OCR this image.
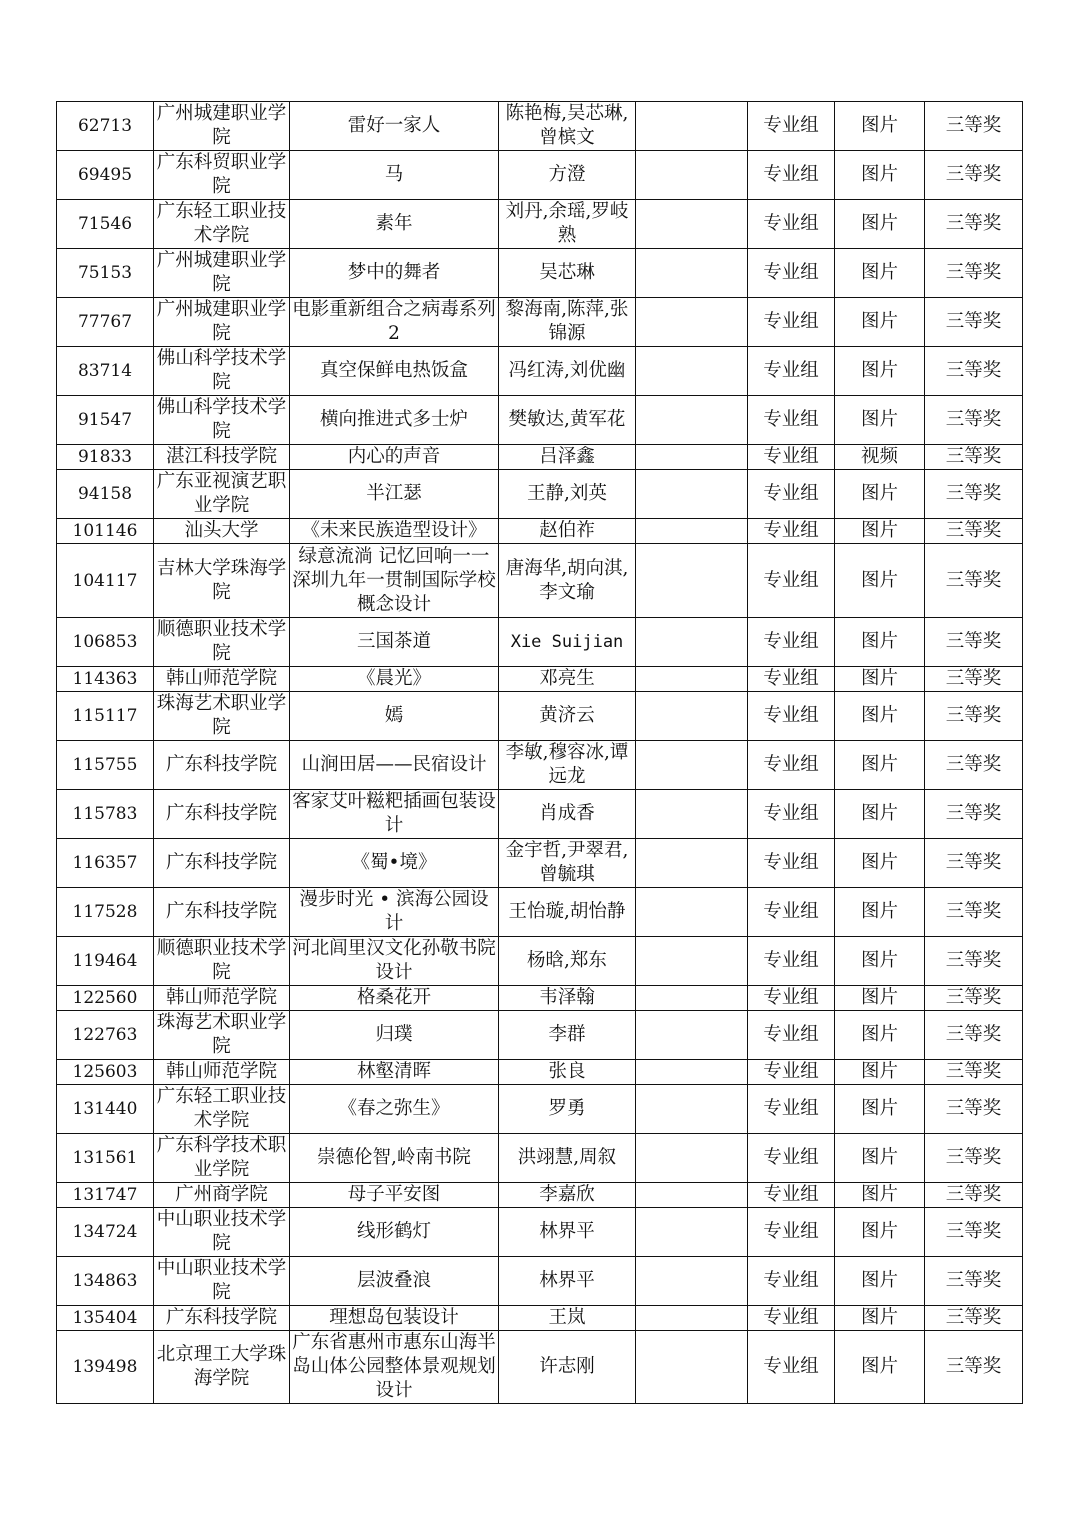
62713	广州城建职业学院	雷好一家人	陈艳梅,吴芯琳,曾槟文		专业组	图片	三等奖
69495	广东科贸职业学院	马	方澄		专业组	图片	三等奖
71546	广东轻工职业技术学院	素年	刘丹,余瑶,罗岐熟		专业组	图片	三等奖
75153	广州城建职业学院	梦中的舞者	吴芯琳		专业组	图片	三等奖
77767	广州城建职业学院	电影重新组合之病毒系列2	黎海南,陈萍,张锦源		专业组	图片	三等奖
83714	佛山科学技术学院	真空保鲜电热饭盒	冯红涛,刘优幽		专业组	图片	三等奖
91547	佛山科学技术学院	横向推进式多士炉	樊敏达,黄军花		专业组	图片	三等奖
91833	湛江科技学院	内心的声音	吕泽鑫		专业组	视频	三等奖
94158	广东亚视演艺职业学院	半江瑟	王静,刘英		专业组	图片	三等奖
101146	汕头大学	《未来民族造型设计》	赵伯祚		专业组	图片	三等奖
104117	吉林大学珠海学院	绿意流淌 记忆回响一一深圳九年一贯制国际学校概念设计	唐海华,胡向淇,李文瑜		专业组	图片	三等奖
106853	顺德职业技术学院	三国茶道	Xie Suijian		专业组	图片	三等奖
114363	韩山师范学院	《晨光》	邓亮生		专业组	图片	三等奖
115117	珠海艺术职业学院	嫣	黄济云		专业组	图片	三等奖
115755	广东科技学院	山涧田居——民宿设计	李敏,穆容冰,谭远龙		专业组	图片	三等奖
115783	广东科技学院	客家艾叶糍粑插画包装设计	肖成香		专业组	图片	三等奖
116357	广东科技学院	《蜀•境》	金宇哲,尹翠君,曾毓琪		专业组	图片	三等奖
117528	广东科技学院	漫步时光 • 滨海公园设计	王怡璇,胡怡静		专业组	图片	三等奖
119464	顺德职业技术学院	河北闾里汉文化孙敬书院设计	杨晗,郑东		专业组	图片	三等奖
122560	韩山师范学院	格桑花开	韦泽翰		专业组	图片	三等奖
122763	珠海艺术职业学院	归璞	李群		专业组	图片	三等奖
125603	韩山师范学院	林壑清晖	张良		专业组	图片	三等奖
131440	广东轻工职业技术学院	《春之弥生》	罗勇		专业组	图片	三等奖
131561	广东科学技术职业学院	崇德伦智,岭南书院	洪翊慧,周叙		专业组	图片	三等奖
131747	广州商学院	母子平安图	李嘉欣		专业组	图片	三等奖
134724	中山职业技术学院	线形鹤灯	林界平		专业组	图片	三等奖
134863	中山职业技术学院	层波叠浪	林界平		专业组	图片	三等奖
135404	广东科技学院	理想岛包装设计	王岚		专业组	图片	三等奖
139498	北京理工大学珠海学院	广东省惠州市惠东山海半岛山体公园整体景观规划设计	许志刚		专业组	图片	三等奖
